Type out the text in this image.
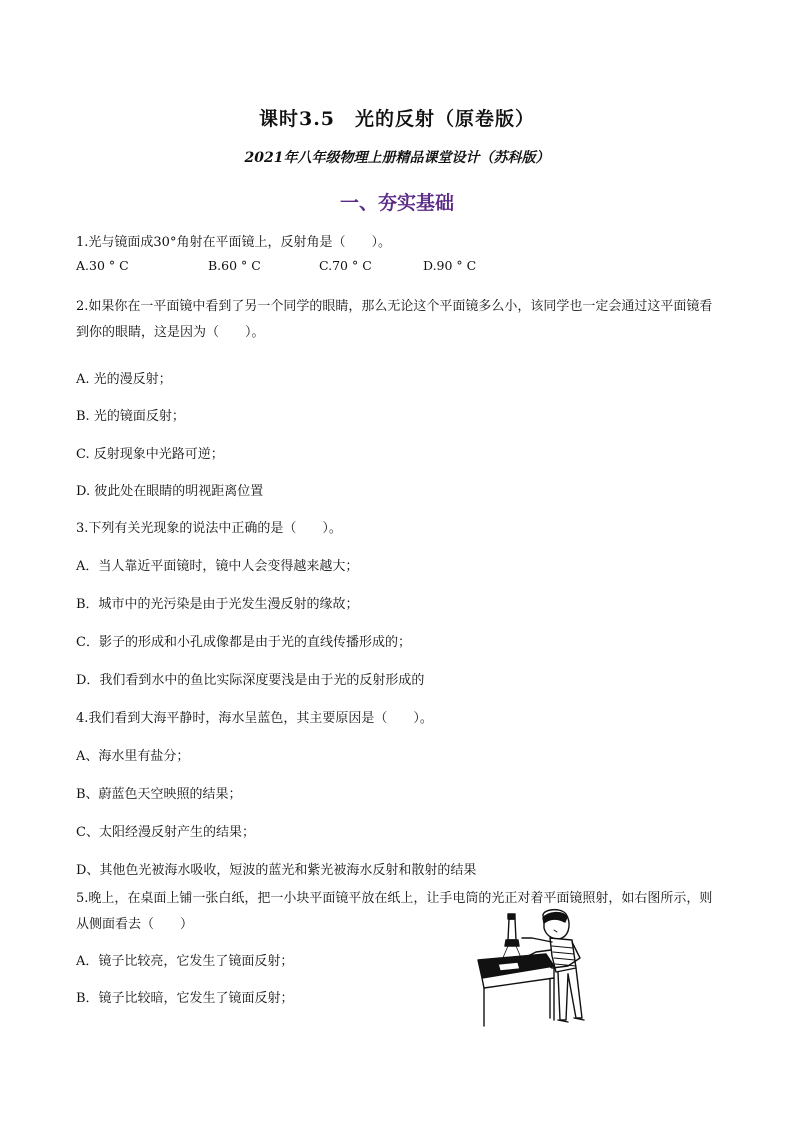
课时3.5　光的反射（原卷版）
2021年八年级物理上册精品课堂设计（苏科版）
一、夯实基础
1.光与镜面成30°角射在平面镜上，反射角是（　　）。
A.30 ° C	B.60 ° C	C.70 ° C	D.90 ° C
2.如果你在一平面镜中看到了另一个同学的眼睛，那么无论这个平面镜多么小，该同学也一定会通过这平面镜看到你的眼睛，这是因为（　　）。
A. 光的漫反射；
B. 光的镜面反射；
C. 反射现象中光路可逆；
D. 彼此处在眼睛的明视距离位置
3.下列有关光现象的说法中正确的是（　　）。
A．当人靠近平面镜时，镜中人会变得越来越大；
B．城市中的光污染是由于光发生漫反射的缘故；
C．影子的形成和小孔成像都是由于光的直线传播形成的；
D．我们看到水中的鱼比实际深度要浅是由于光的反射形成的
4.我们看到大海平静时，海水呈蓝色，其主要原因是（　　）。
A、海水里有盐分；
B、蔚蓝色天空映照的结果；
C、太阳经漫反射产生的结果；
D、其他色光被海水吸收，短波的蓝光和紫光被海水反射和散射的结果
5.晚上，在桌面上铺一张白纸，把一小块平面镜平放在纸上，让手电筒的光正对着平面镜照射，如右图所示，则从侧面看去（　　）
A．镜子比较亮，它发生了镜面反射；
B．镜子比较暗，它发生了镜面反射；
